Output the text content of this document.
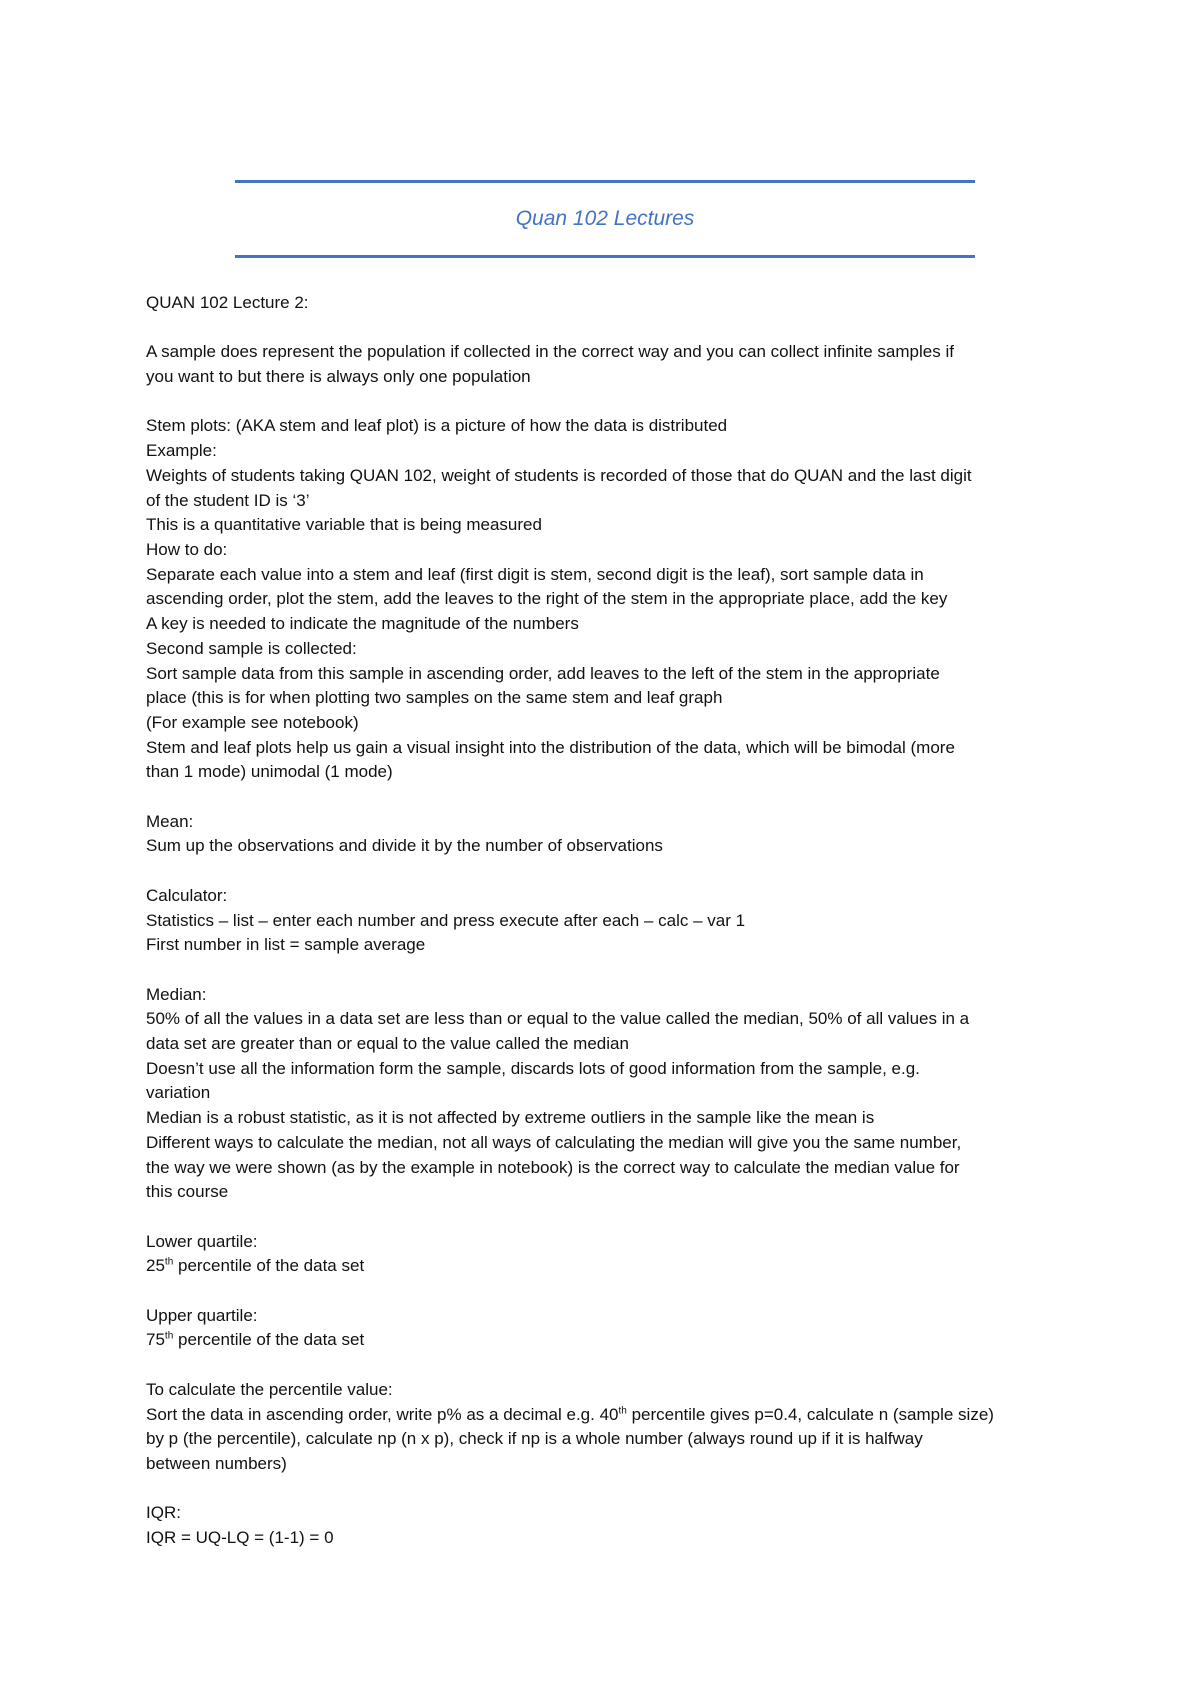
Quan 102 Lectures
QUAN 102 Lecture 2:
A sample does represent the population if collected in the correct way and you can collect infinite samples if
you want to but there is always only one population
Stem plots: (AKA stem and leaf plot) is a picture of how the data is distributed
Example:
Weights of students taking QUAN 102, weight of students is recorded of those that do QUAN and the last digit
of the student ID is ‘3’
This is a quantitative variable that is being measured
How to do:
Separate each value into a stem and leaf (first digit is stem, second digit is the leaf), sort sample data in
ascending order, plot the stem, add the leaves to the right of the stem in the appropriate place, add the key
A key is needed to indicate the magnitude of the numbers
Second sample is collected:
Sort sample data from this sample in ascending order, add leaves to the left of the stem in the appropriate
place (this is for when plotting two samples on the same stem and leaf graph
(For example see notebook)
Stem and leaf plots help us gain a visual insight into the distribution of the data, which will be bimodal (more
than 1 mode) unimodal (1 mode)
Mean:
Sum up the observations and divide it by the number of observations
Calculator:
Statistics – list – enter each number and press execute after each – calc – var 1
First number in list = sample average
Median:
50% of all the values in a data set are less than or equal to the value called the median, 50% of all values in a
data set are greater than or equal to the value called the median
Doesn’t use all the information form the sample, discards lots of good information from the sample, e.g.
variation
Median is a robust statistic, as it is not affected by extreme outliers in the sample like the mean is
Different ways to calculate the median, not all ways of calculating the median will give you the same number,
the way we were shown (as by the example in notebook) is the correct way to calculate the median value for
this course
Lower quartile:
25th percentile of the data set
Upper quartile:
75th percentile of the data set
To calculate the percentile value:
Sort the data in ascending order, write p% as a decimal e.g. 40th percentile gives p=0.4, calculate n (sample size)
by p (the percentile), calculate np (n x p), check if np is a whole number (always round up if it is halfway
between numbers)
IQR:
IQR = UQ-LQ = (1-1) = 0
